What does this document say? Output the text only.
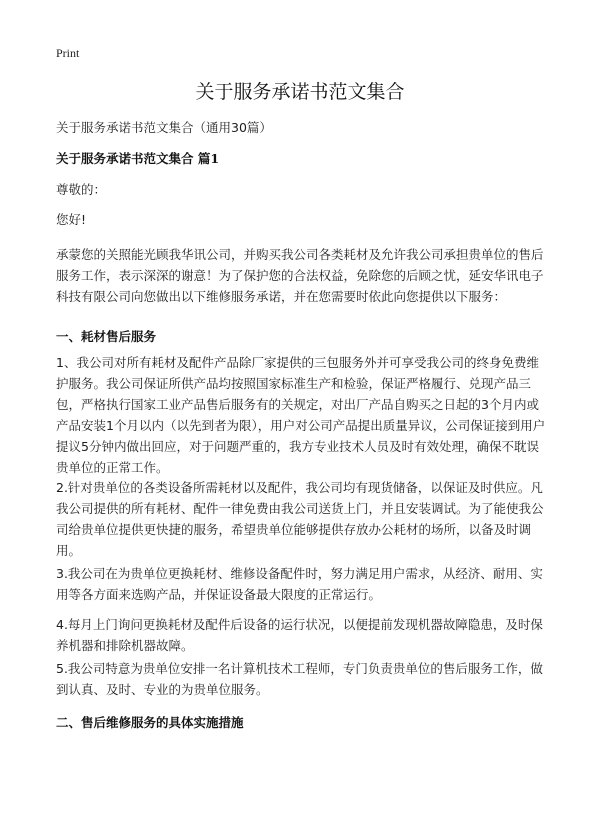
Print
关于服务承诺书范文集合

关于服务承诺书范文集合（通用30篇）

关于服务承诺书范文集合 篇1

尊敬的：

您好!

承蒙您的关照能光顾我华讯公司，并购买我公司各类耗材及允许我公司承担贵单位的售后服务工作，表示深深的谢意！为了保护您的合法权益，免除您的后顾之忧，延安华讯电子科技有限公司向您做出以下维修服务承诺，并在您需要时依此向您提供以下服务：

一、耗材售后服务

1、我公司对所有耗材及配件产品除厂家提供的三包服务外并可享受我公司的终身免费维护服务。我公司保证所供产品均按照国家标准生产和检验，保证严格履行、兑现产品三包，严格执行国家工业产品售后服务有的关规定，对出厂产品自购买之日起的3个月内或产品安装1个月以内（以先到者为限），用户对公司产品提出质量异议，公司保证接到用户提议5分钟内做出回应，对于问题严重的，我方专业技术人员及时有效处理，确保不耽误贵单位的正常工作。

2.针对贵单位的各类设备所需耗材以及配件，我公司均有现货储备，以保证及时供应。凡我公司提供的所有耗材、配件一律免费由我公司送货上门，并且安装调试。为了能使我公司给贵单位提供更快捷的服务，希望贵单位能够提供存放办公耗材的场所，以备及时调用。

3.我公司在为贵单位更换耗材、维修设备配件时，努力满足用户需求，从经济、耐用、实用等各方面来选购产品，并保证设备最大限度的正常运行。

4.每月上门询问更换耗材及配件后设备的运行状况，以便提前发现机器故障隐患，及时保养机器和排除机器故障。

5.我公司特意为贵单位安排一名计算机技术工程师，专门负责贵单位的售后服务工作，做到认真、及时、专业的为贵单位服务。

二、售后维修服务的具体实施措施
